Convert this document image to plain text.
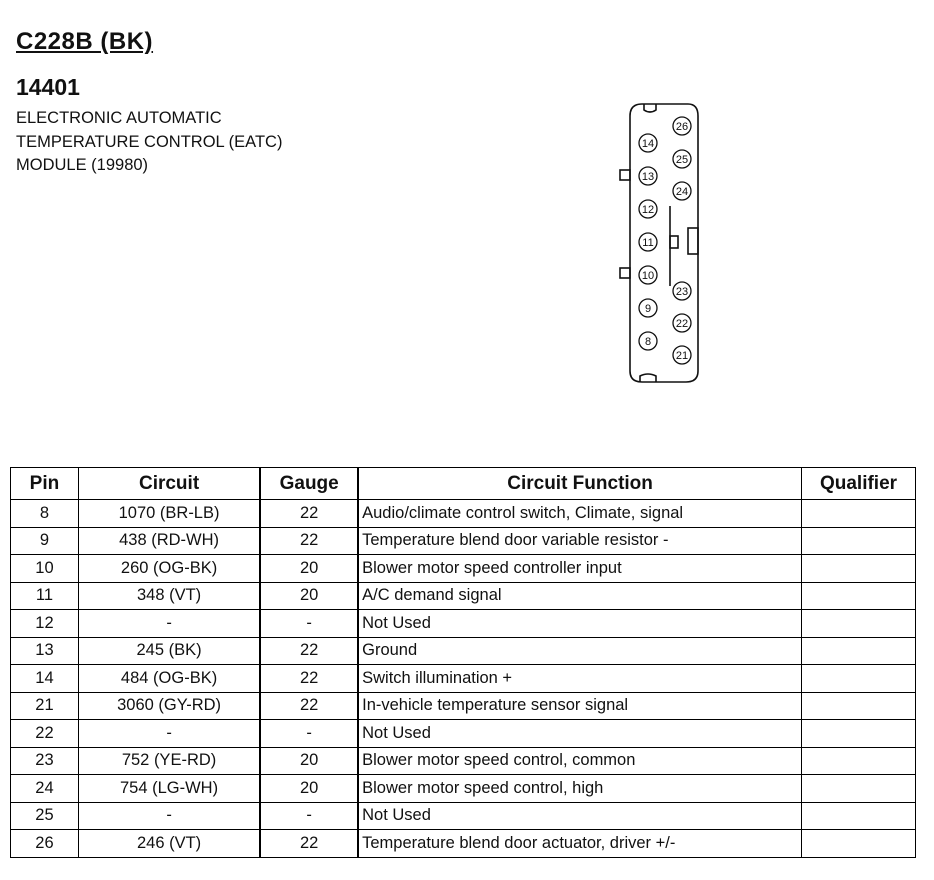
C228B (BK)
14401
ELECTRONIC AUTOMATIC
TEMPERATURE CONTROL (EATC)
MODULE (19980)
14
13
12
11
10
9
8
26
25
24
23
22
21
Pin	Circuit	Gauge	Circuit Function	Qualifier
8	1070 (BR-LB)	22	Audio/climate control switch, Climate, signal	
9	438 (RD-WH)	22	Temperature blend door variable resistor -	
10	260 (OG-BK)	20	Blower motor speed controller input	
11	348 (VT)	20	A/C demand signal	
12	-	-	Not Used	
13	245 (BK)	22	Ground	
14	484 (OG-BK)	22	Switch illumination +	
21	3060 (GY-RD)	22	In-vehicle temperature sensor signal	
22	-	-	Not Used	
23	752 (YE-RD)	20	Blower motor speed control, common	
24	754 (LG-WH)	20	Blower motor speed control, high	
25	-	-	Not Used	
26	246 (VT)	22	Temperature blend door actuator, driver +/-	
